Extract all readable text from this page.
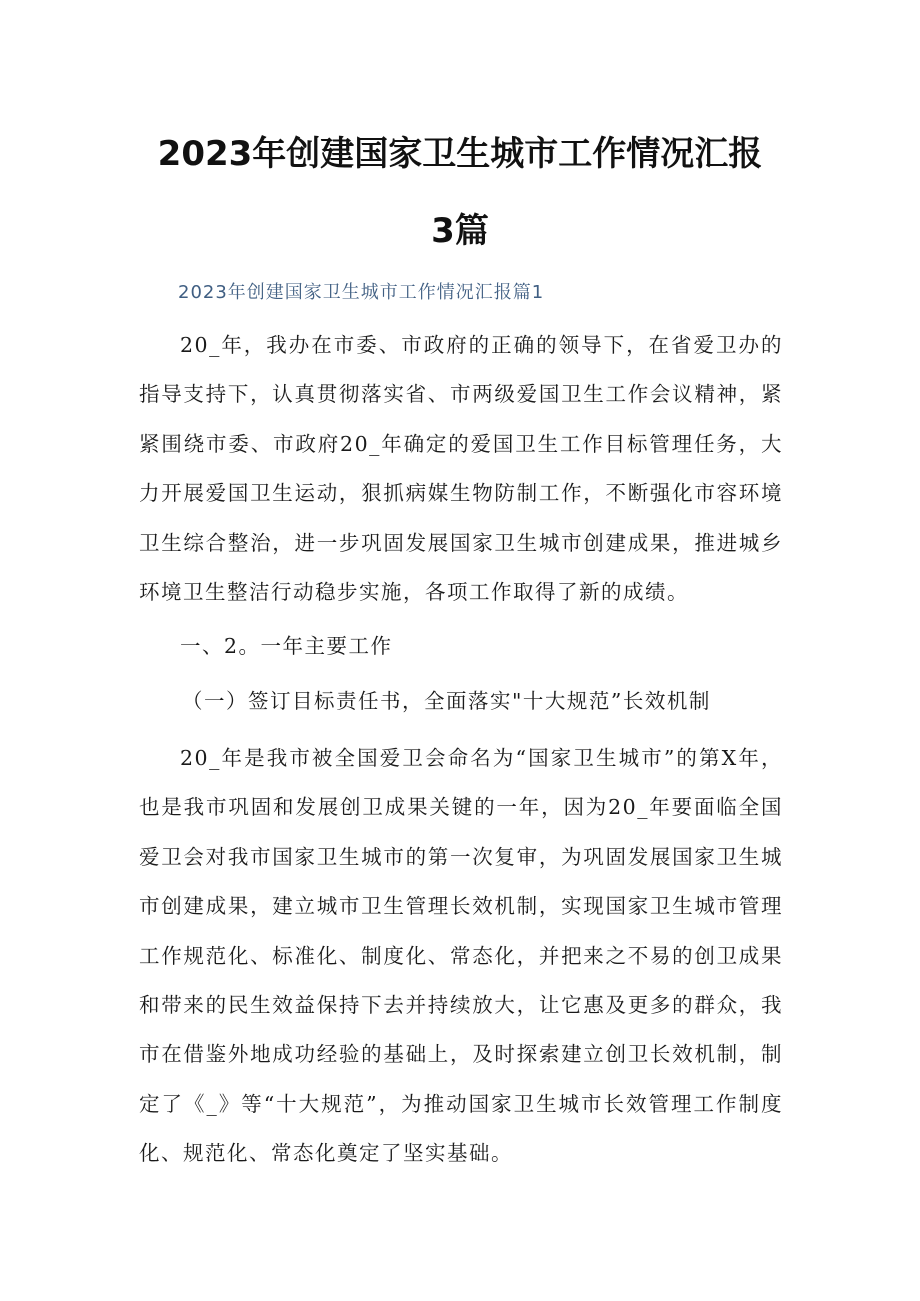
2023年创建国家卫生城市工作情况汇报
3篇

2023年创建国家卫生城市工作情况汇报篇1

20_年，我办在市委、市政府的正确的领导下，在省爱卫办的指导支持下，认真贯彻落实省、市两级爱国卫生工作会议精神，紧紧围绕市委、市政府20_年确定的爱国卫生工作目标管理任务，大力开展爱国卫生运动，狠抓病媒生物防制工作，不断强化市容环境卫生综合整治，进一步巩固发展国家卫生城市创建成果，推进城乡环境卫生整洁行动稳步实施，各项工作取得了新的成绩。

一、2。一年主要工作

（一）签订目标责任书，全面落实"十大规范”长效机制

20_年是我市被全国爱卫会命名为“国家卫生城市”的第X年，也是我市巩固和发展创卫成果关键的一年，因为20_年要面临全国爱卫会对我市国家卫生城市的第一次复审，为巩固发展国家卫生城市创建成果，建立城市卫生管理长效机制，实现国家卫生城市管理工作规范化、标准化、制度化、常态化，并把来之不易的创卫成果和带来的民生效益保持下去并持续放大，让它惠及更多的群众，我市在借鉴外地成功经验的基础上，及时探索建立创卫长效机制，制定了《_》等“十大规范”，为推动国家卫生城市长效管理工作制度化、规范化、常态化奠定了坚实基础。
